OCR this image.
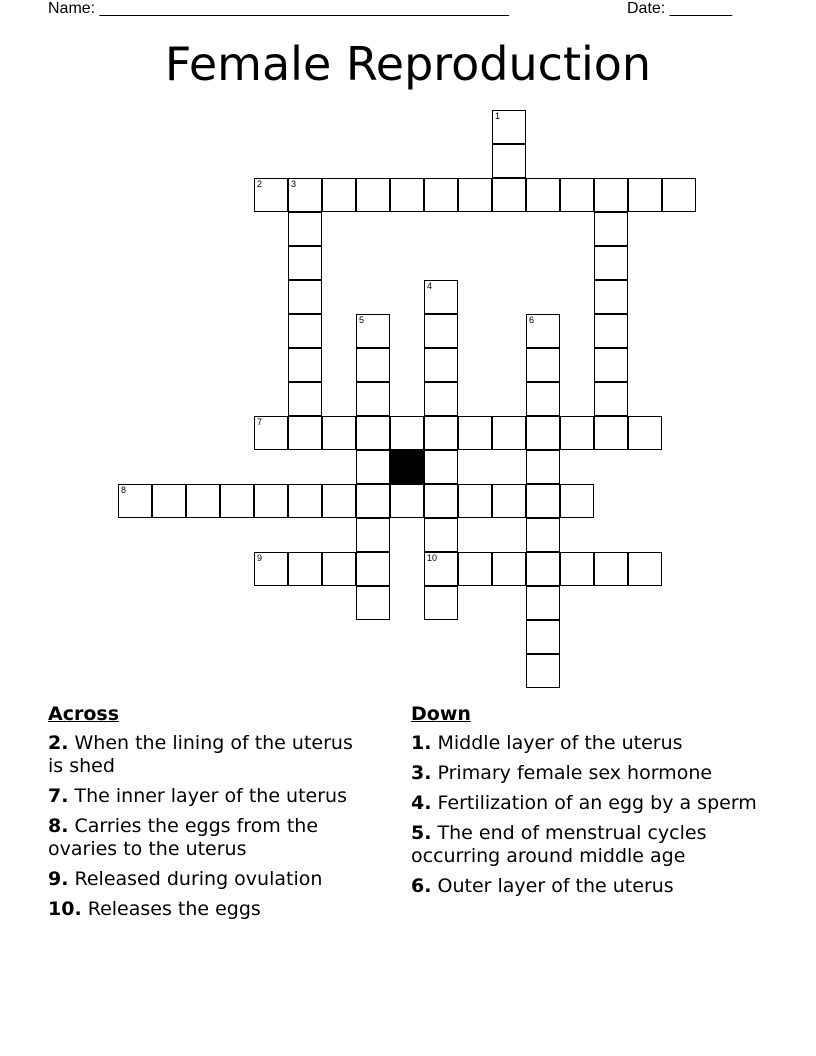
Name: ______________________________________________	Date: _______
Female Reproduction
1
2	3
4
5	6
7
8
9	10
Across
2. When the lining of the uterus is shed
7. The inner layer of the uterus
8. Carries the eggs from the ovaries to the uterus
9. Released during ovulation
10. Releases the eggs
Down
1. Middle layer of the uterus
3. Primary female sex hormone
4. Fertilization of an egg by a sperm
5. The end of menstrual cycles occurring around middle age
6. Outer layer of the uterus
